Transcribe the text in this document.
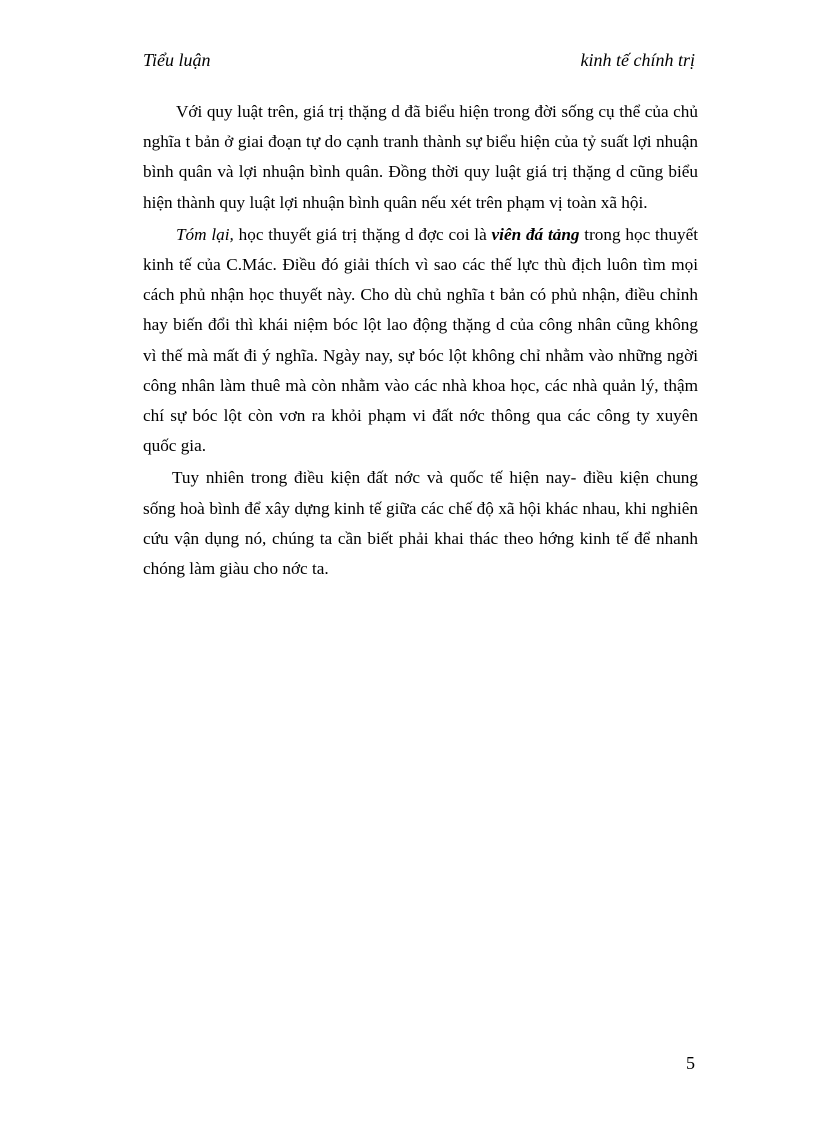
Tiểu luận	kinh tế chính trị

Với quy luật trên, giá trị thặng d đã biểu hiện trong đời sống cụ thể của chủ nghĩa t bản ở giai đoạn tự do cạnh tranh thành sự biểu hiện của tỷ suất lợi nhuận bình quân và lợi nhuận bình quân. Đồng thời quy luật giá trị thặng d cũng biểu hiện thành quy luật lợi nhuận bình quân nếu xét trên phạm vị toàn xã hội.

Tóm lại, học thuyết giá trị thặng d đợc coi là viên đá tảng trong học thuyết kinh tế của C.Mác. Điều đó giải thích vì sao các thế lực thù địch luôn tìm mọi cách phủ nhận học thuyết này. Cho dù chủ nghĩa t bản có phủ nhận, điều chỉnh hay biến đổi thì khái niệm bóc lột lao động thặng d của công nhân cũng không vì thế mà mất đi ý nghĩa. Ngày nay, sự bóc lột không chỉ nhằm vào những ngời công nhân làm thuê mà còn nhằm vào các nhà khoa học, các nhà quản lý, thậm chí sự bóc lột còn vơn ra khỏi phạm vi đất nớc thông qua các công ty xuyên quốc gia.

Tuy nhiên trong điều kiện đất nớc và quốc tế hiện nay- điều kiện chung sống hoà bình để xây dựng kinh tế giữa các chế độ xã hội khác nhau, khi nghiên cứu vận dụng nó, chúng ta cần biết phải khai thác theo hớng kinh tế để nhanh chóng làm giàu cho nớc ta.

5
